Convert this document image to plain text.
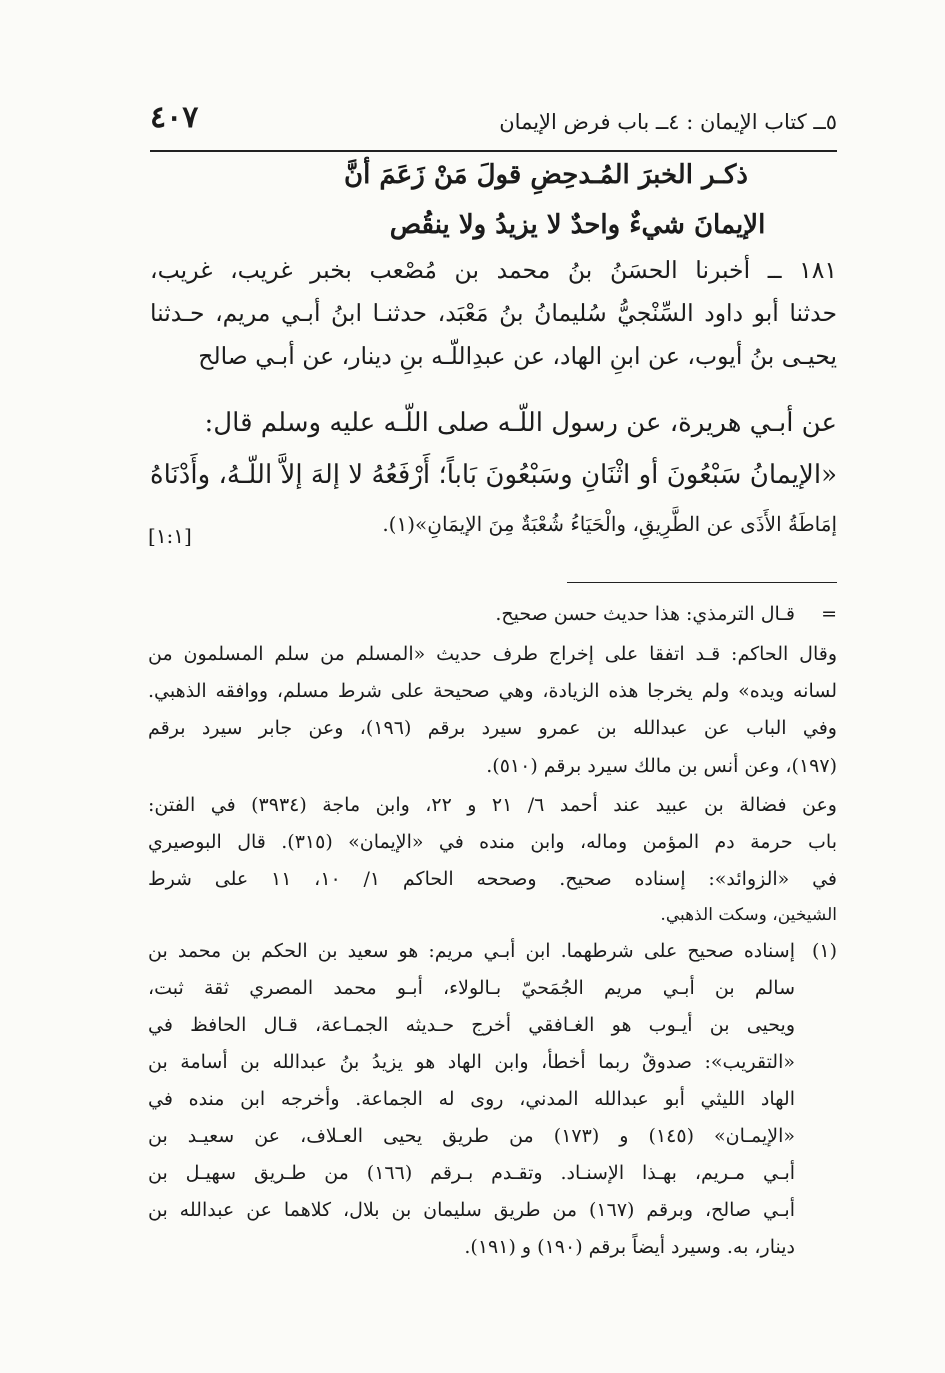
٤٠٧	٥ــ كتاب الإيمان : ٤ــ باب فرض الإيمان
ذكـر الخبرَ المُـدحِضِ قولَ مَنْ زَعَمَ أنَّ
الإيمانَ شيءٌ واحدٌ لا يزيدُ ولا ينقُص
١٨١ ــ أخبرنا الحسَنُ بنُ محمد بن مُصْعب بخبر غريب، غريب،
حدثنا أبو داود السِّنْجيُّ سُليمانُ بنُ مَعْبَد، حدثنـا ابنُ أبـي مريم، حـدثنا
يحيـى بنُ أيوب، عن ابنِ الهاد، عن عبدِاللّـه بنِ دينار، عن أبـي صالح
عن أبـي هريرة، عن رسول اللّـه صلى اللّـه عليه وسلم قال:
«الإيمانُ سَبْعُونَ أو اثْنَانِ وسَبْعُونَ بَاباً؛ أَرْفَعُهُ لا إلهَ إلاَّ اللّـهُ، وأَدْنَاهُ
إمَاطَةُ الأَذَى عن الطَّرِيقِ، والْحَيَاءُ شُعْبَةٌ مِنَ الإيمَانِ»(١).
[١:١]
=
قـال الترمذي: هذا حديث حسن صحيح.
وقال الحاكم: قـد اتفقا على إخراج طرف حديث «المسلم من سلم المسلمون من
لسانه ويده» ولم يخرجا هذه الزيادة، وهي صحيحة على شرط مسلم، ووافقه الذهبي.
وفي الباب عن عبدالله بن عمرو سيرد برقم (١٩٦)، وعن جابر سيرد برقم
(١٩٧)، وعن أنس بن مالك سيرد برقم (٥١٠).
وعن فضالة بن عبيد عند أحمد ٦/ ٢١ و ٢٢، وابن ماجة (٣٩٣٤) في الفتن:
باب حرمة دم المؤمن وماله، وابن منده في «الإيمان» (٣١٥). قال البوصيري
في «الزوائد»: إسناده صحيح. وصححه الحاكم ١/ ١٠، ١١ على شرط
الشيخين، وسكت الذهبي.
(١)
إسناده صحيح على شرطهما. ابن أبـي مريم: هو سعيد بن الحكم بن محمد بن
سالم بن أبـي مريم الجُمَحيّ بـالولاء، أبـو محمد المصري ثقة ثبت،
ويحيى بن أيـوب هو الغـافقي أخرج حـديثه الجمـاعة، قـال الحافظ في
«التقريب»: صدوقٌ ربما أخطأ، وابن الهاد هو يزيدُ بنُ عبدالله بن أسامة بن
الهاد الليثي أبو عبدالله المدني، روى له الجماعة. وأخرجه ابن منده في
«الإيمـان» (١٤٥) و (١٧٣) من طريق يحيى العـلاف، عن سعيـد بن
أبـي مـريم، بهـذا الإسنـاد. وتقـدم بـرقم (١٦٦) من طـريق سهيـل بن
أبـي صالح، وبرقم (١٦٧) من طريق سليمان بن بلال، كلاهما عن عبدالله بن
دينار، به. وسيرد أيضاً برقم (١٩٠) و (١٩١).
